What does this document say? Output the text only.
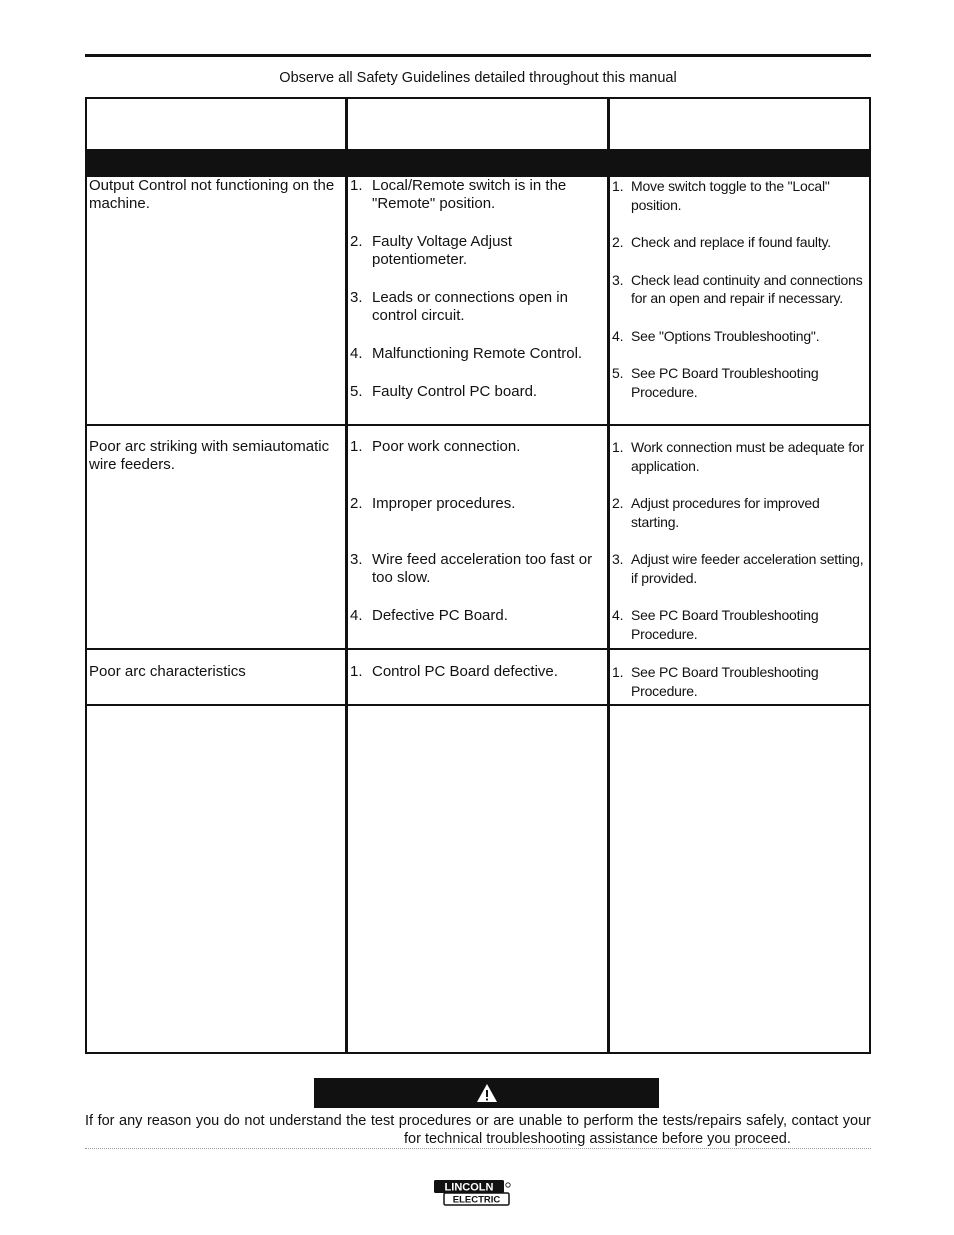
Observe all Safety Guidelines detailed throughout this manual
Output Control not functioning on the machine.
1. Local/Remote switch is in the "Remote" position.
2. Faulty Voltage Adjust potentiometer.
3. Leads or connections open in control circuit.
4. Malfunctioning Remote Control.
5. Faulty Control PC board.
1. Move switch toggle to the "Local" position.
2. Check and replace if found faulty.
3. Check lead continuity and connections for an open and repair if necessary.
4. See "Options Troubleshooting".
5. See PC Board Troubleshooting Procedure.
Poor arc striking with semiautomatic wire feeders.
1. Poor work connection.
2. Improper procedures.
3. Wire feed acceleration too fast or too slow.
4. Defective PC Board.
1. Work connection must be adequate for application.
2. Adjust procedures for improved starting.
3. Adjust wire feeder acceleration setting, if provided.
4. See PC Board Troubleshooting Procedure.
Poor arc characteristics	1. Control PC Board defective.	1. See PC Board Troubleshooting Procedure.
If for any reason you do not understand the test procedures or are unable to perform the tests/repairs safely, contact your
for technical troubleshooting assistance before you proceed.
LINCOLN
ELECTRIC
